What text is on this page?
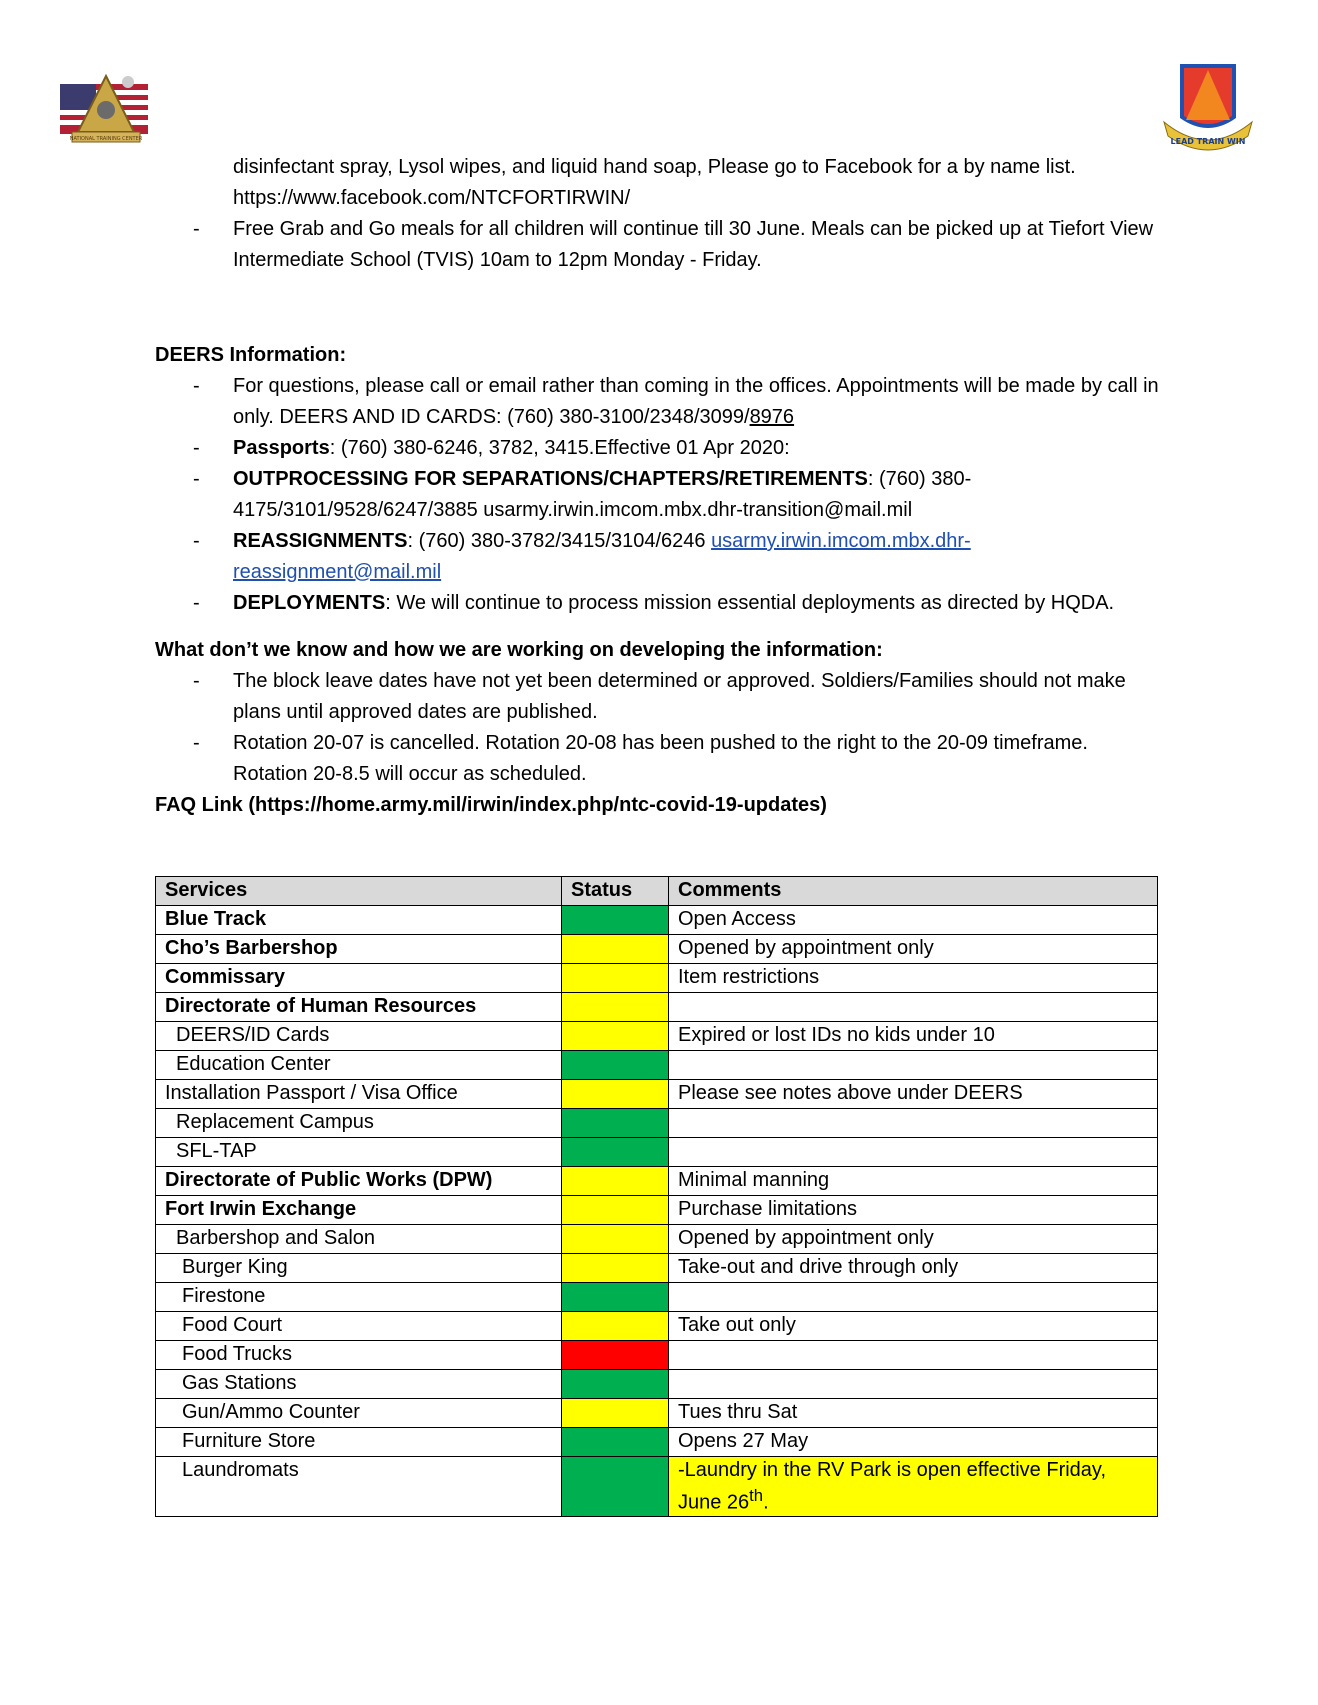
NATIONAL TRAINING CENTER	LEAD TRAIN WIN

disinfectant spray, Lysol wipes, and liquid hand soap, Please go to Facebook for a by name list.

https://www.facebook.com/NTCFORTIRWIN/

- Free Grab and Go meals for all children will continue till 30 June. Meals can be picked up at Tiefort View Intermediate School (TVIS) 10am to 12pm Monday - Friday.

DEERS Information:

- For questions, please call or email rather than coming in the offices. Appointments will be made by call in only. DEERS AND ID CARDS: (760) 380-3100/2348/3099/8976
- Passports: (760) 380-6246, 3782, 3415.Effective 01 Apr 2020:
- OUTPROCESSING FOR SEPARATIONS/CHAPTERS/RETIREMENTS: (760) 380-4175/3101/9528/6247/3885 usarmy.irwin.imcom.mbx.dhr-transition@mail.mil
- REASSIGNMENTS: (760) 380-3782/3415/3104/6246 usarmy.irwin.imcom.mbx.dhr-reassignment@mail.mil
- DEPLOYMENTS: We will continue to process mission essential deployments as directed by HQDA.

What don’t we know and how we are working on developing the information:

- The block leave dates have not yet been determined or approved. Soldiers/Families should not make plans until approved dates are published.
- Rotation 20-07 is cancelled. Rotation 20-08 has been pushed to the right to the 20-09 timeframe. Rotation 20-8.5 will occur as scheduled.

FAQ Link (https://home.army.mil/irwin/index.php/ntc-covid-19-updates)

Services	Status	Comments
Blue Track		Open Access
Cho’s Barbershop		Opened by appointment only
Commissary		Item restrictions
Directorate of Human Resources		
DEERS/ID Cards		Expired or lost IDs no kids under 10
Education Center		
Installation Passport / Visa Office		Please see notes above under DEERS
Replacement Campus		
SFL-TAP		
Directorate of Public Works (DPW)		Minimal manning
Fort Irwin Exchange		Purchase limitations
Barbershop and Salon		Opened by appointment only
Burger King		Take-out and drive through only
Firestone		
Food Court		Take out only
Food Trucks		
Gas Stations		
Gun/Ammo Counter		Tues thru Sat
Furniture Store		Opens 27 May
Laundromats		-Laundry in the RV Park is open effective Friday, June 26th.
